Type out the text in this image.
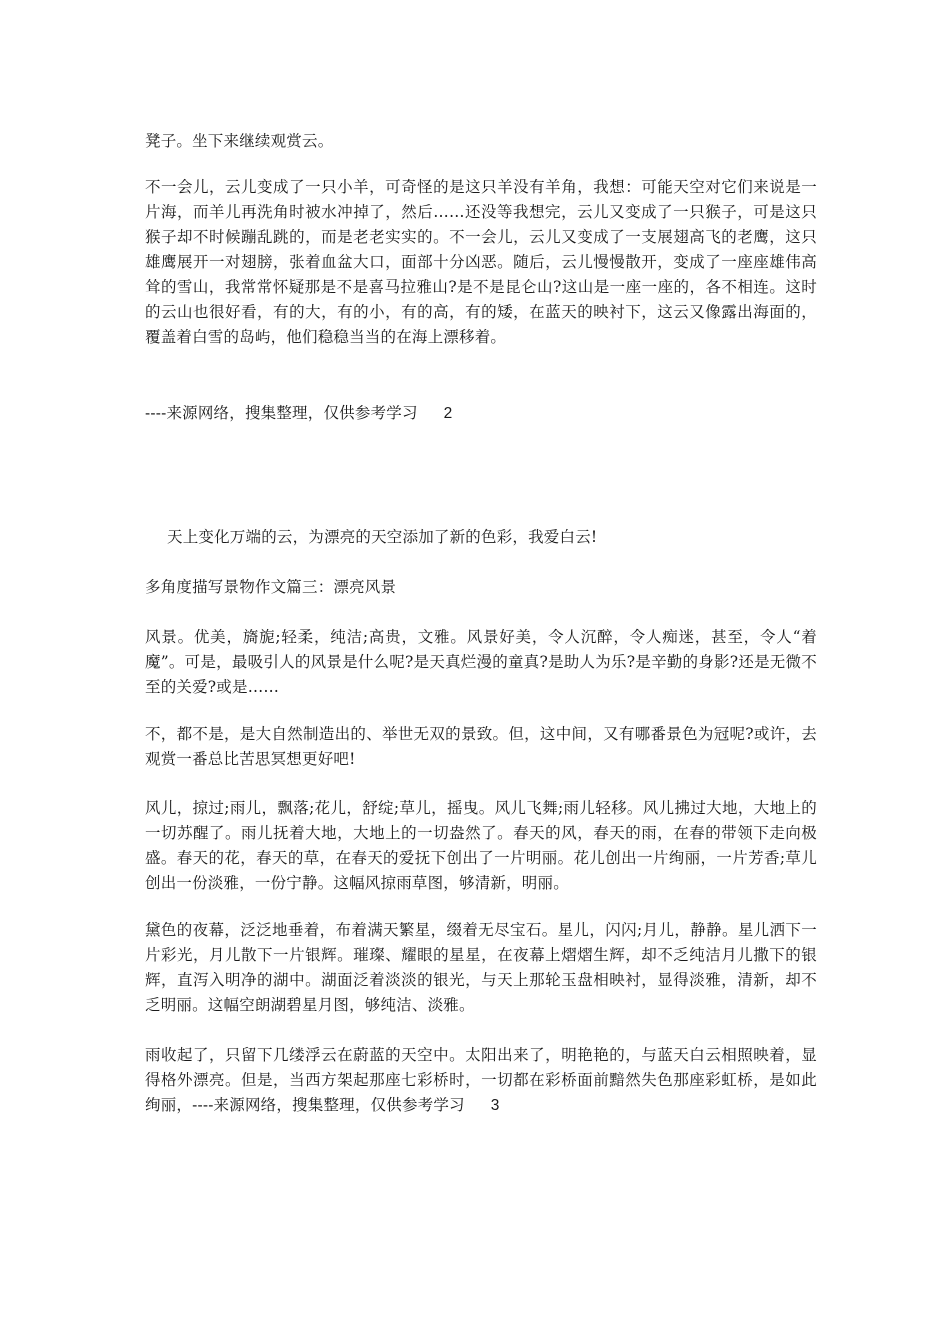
凳子。坐下来继续观赏云。

不一会儿，云儿变成了一只小羊，可奇怪的是这只羊没有羊角，我想：可能天空对它们来说是一片海，而羊儿再洗角时被水冲掉了，然后……还没等我想完，云儿又变成了一只猴子，可是这只猴子却不时候蹦乱跳的，而是老老实实的。不一会儿，云儿又变成了一支展翅高飞的老鹰，这只雄鹰展开一对翅膀，张着血盆大口，面部十分凶恶。随后，云儿慢慢散开，变成了一座座雄伟高耸的雪山，我常常怀疑那是不是喜马拉雅山?是不是昆仑山?这山是一座一座的，各不相连。这时的云山也很好看，有的大，有的小，有的高，有的矮，在蓝天的映衬下，这云又像露出海面的，覆盖着白雪的岛屿，他们稳稳当当的在海上漂移着。

----来源网络，搜集整理，仅供参考学习 2

天上变化万端的云，为漂亮的天空添加了新的色彩，我爱白云!

多角度描写景物作文篇三：漂亮风景

风景。优美，旖旎;轻柔，纯洁;高贵，文雅。风景好美，令人沉醉，令人痴迷，甚至，令人“着魔”。可是，最吸引人的风景是什么呢?是天真烂漫的童真?是助人为乐?是辛勤的身影?还是无微不至的关爱?或是……

不，都不是，是大自然制造出的、举世无双的景致。但，这中间，又有哪番景色为冠呢?或许，去观赏一番总比苦思冥想更好吧!

风儿，掠过;雨儿，飘落;花儿，舒绽;草儿，摇曳。风儿飞舞;雨儿轻移。风儿拂过大地，大地上的一切苏醒了。雨儿抚着大地，大地上的一切盎然了。春天的风，春天的雨，在春的带领下走向极盛。春天的花，春天的草，在春天的爱抚下创出了一片明丽。花儿创出一片绚丽，一片芳香;草儿创出一份淡雅，一份宁静。这幅风掠雨草图，够清新，明丽。

黛色的夜幕，泛泛地垂着，布着满天繁星，缀着无尽宝石。星儿，闪闪;月儿，静静。星儿洒下一片彩光，月儿散下一片银辉。璀璨、耀眼的星星，在夜幕上熠熠生辉，却不乏纯洁月儿撒下的银辉，直泻入明净的湖中。湖面泛着淡淡的银光，与天上那轮玉盘相映衬，显得淡雅，清新，却不乏明丽。这幅空朗湖碧星月图，够纯洁、淡雅。

雨收起了，只留下几缕浮云在蔚蓝的天空中。太阳出来了，明艳艳的，与蓝天白云相照映着，显得格外漂亮。但是，当西方架起那座七彩桥时，一切都在彩桥面前黯然失色那座彩虹桥，是如此绚丽，----来源网络，搜集整理，仅供参考学习 3
